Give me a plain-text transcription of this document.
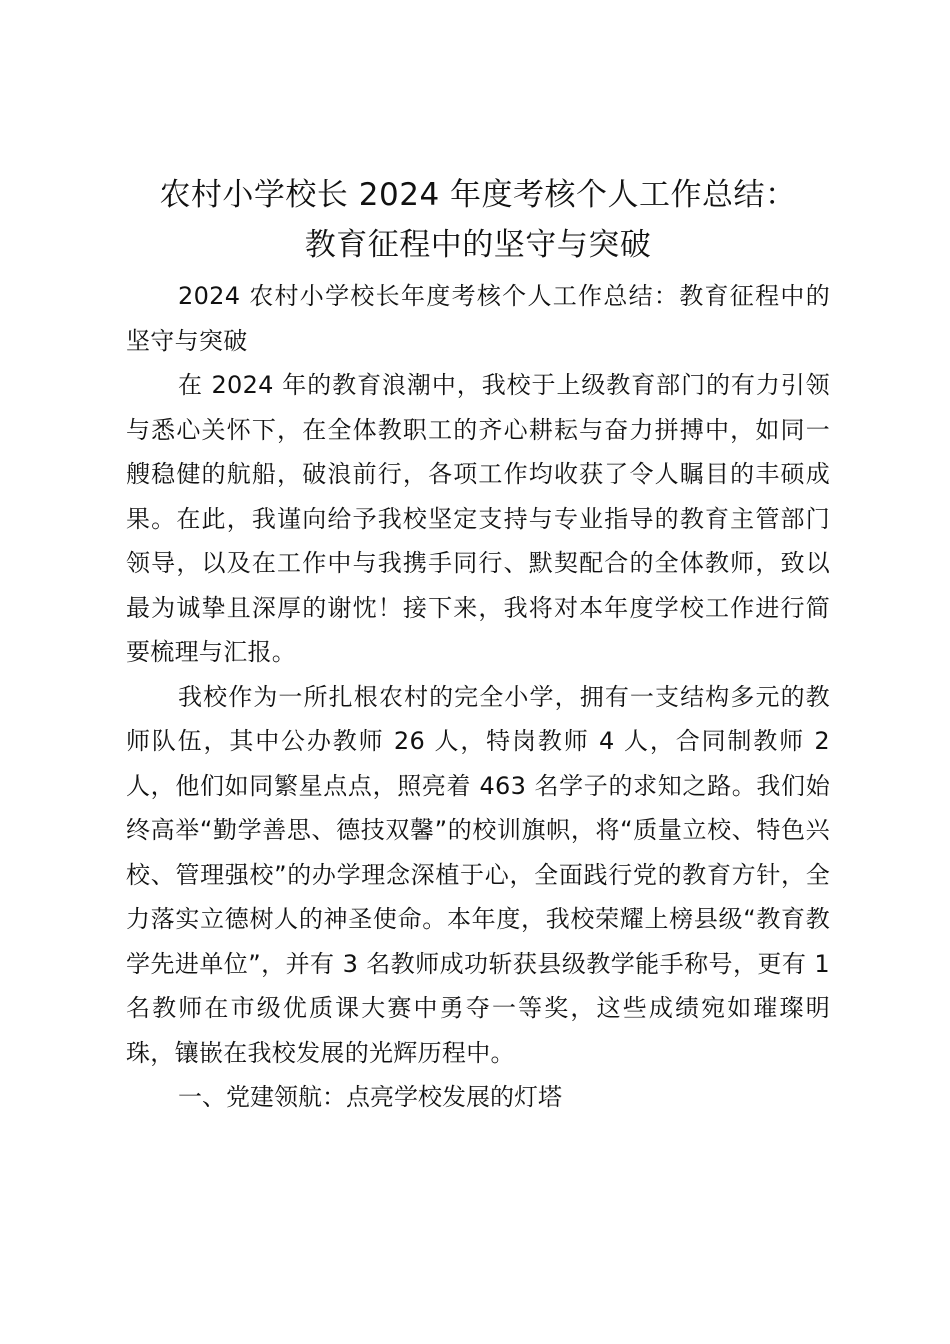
农村小学校长 2024 年度考核个人工作总结：
教育征程中的坚守与突破

2024 农村小学校长年度考核个人工作总结：教育征程中的坚守与突破

在 2024 年的教育浪潮中，我校于上级教育部门的有力引领与悉心关怀下，在全体教职工的齐心耕耘与奋力拼搏中，如同一艘稳健的航船，破浪前行，各项工作均收获了令人瞩目的丰硕成果。在此，我谨向给予我校坚定支持与专业指导的教育主管部门领导，以及在工作中与我携手同行、默契配合的全体教师，致以最为诚挚且深厚的谢忱！接下来，我将对本年度学校工作进行简要梳理与汇报。

我校作为一所扎根农村的完全小学，拥有一支结构多元的教师队伍，其中公办教师 26 人，特岗教师 4 人，合同制教师 2 人，他们如同繁星点点，照亮着 463 名学子的求知之路。我们始终高举“勤学善思、德技双馨”的校训旗帜，将“质量立校、特色兴校、管理强校”的办学理念深植于心，全面践行党的教育方针，全力落实立德树人的神圣使命。本年度，我校荣耀上榜县级“教育教学先进单位”，并有 3 名教师成功斩获县级教学能手称号，更有 1 名教师在市级优质课大赛中勇夺一等奖，这些成绩宛如璀璨明珠，镶嵌在我校发展的光辉历程中。

一、党建领航：点亮学校发展的灯塔
